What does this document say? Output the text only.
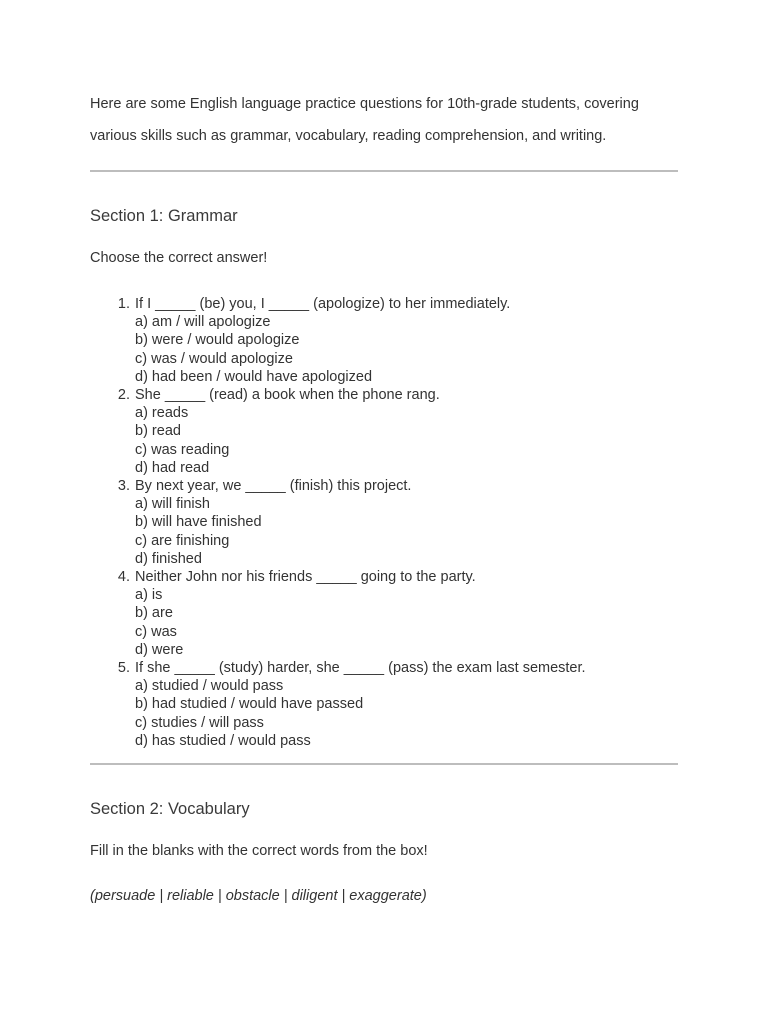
Here are some English language practice questions for 10th-grade students, covering
various skills such as grammar, vocabulary, reading comprehension, and writing.

Section 1: Grammar

Choose the correct answer!

1. If I _____ (be) you, I _____ (apologize) to her immediately.
a) am / will apologize
b) were / would apologize
c) was / would apologize
d) had been / would have apologized
2. She _____ (read) a book when the phone rang.
a) reads
b) read
c) was reading
d) had read
3. By next year, we _____ (finish) this project.
a) will finish
b) will have finished
c) are finishing
d) finished
4. Neither John nor his friends _____ going to the party.
a) is
b) are
c) was
d) were
5. If she _____ (study) harder, she _____ (pass) the exam last semester.
a) studied / would pass
b) had studied / would have passed
c) studies / will pass
d) has studied / would pass
Section 2: Vocabulary

Fill in the blanks with the correct words from the box!

(persuade | reliable | obstacle | diligent | exaggerate)
